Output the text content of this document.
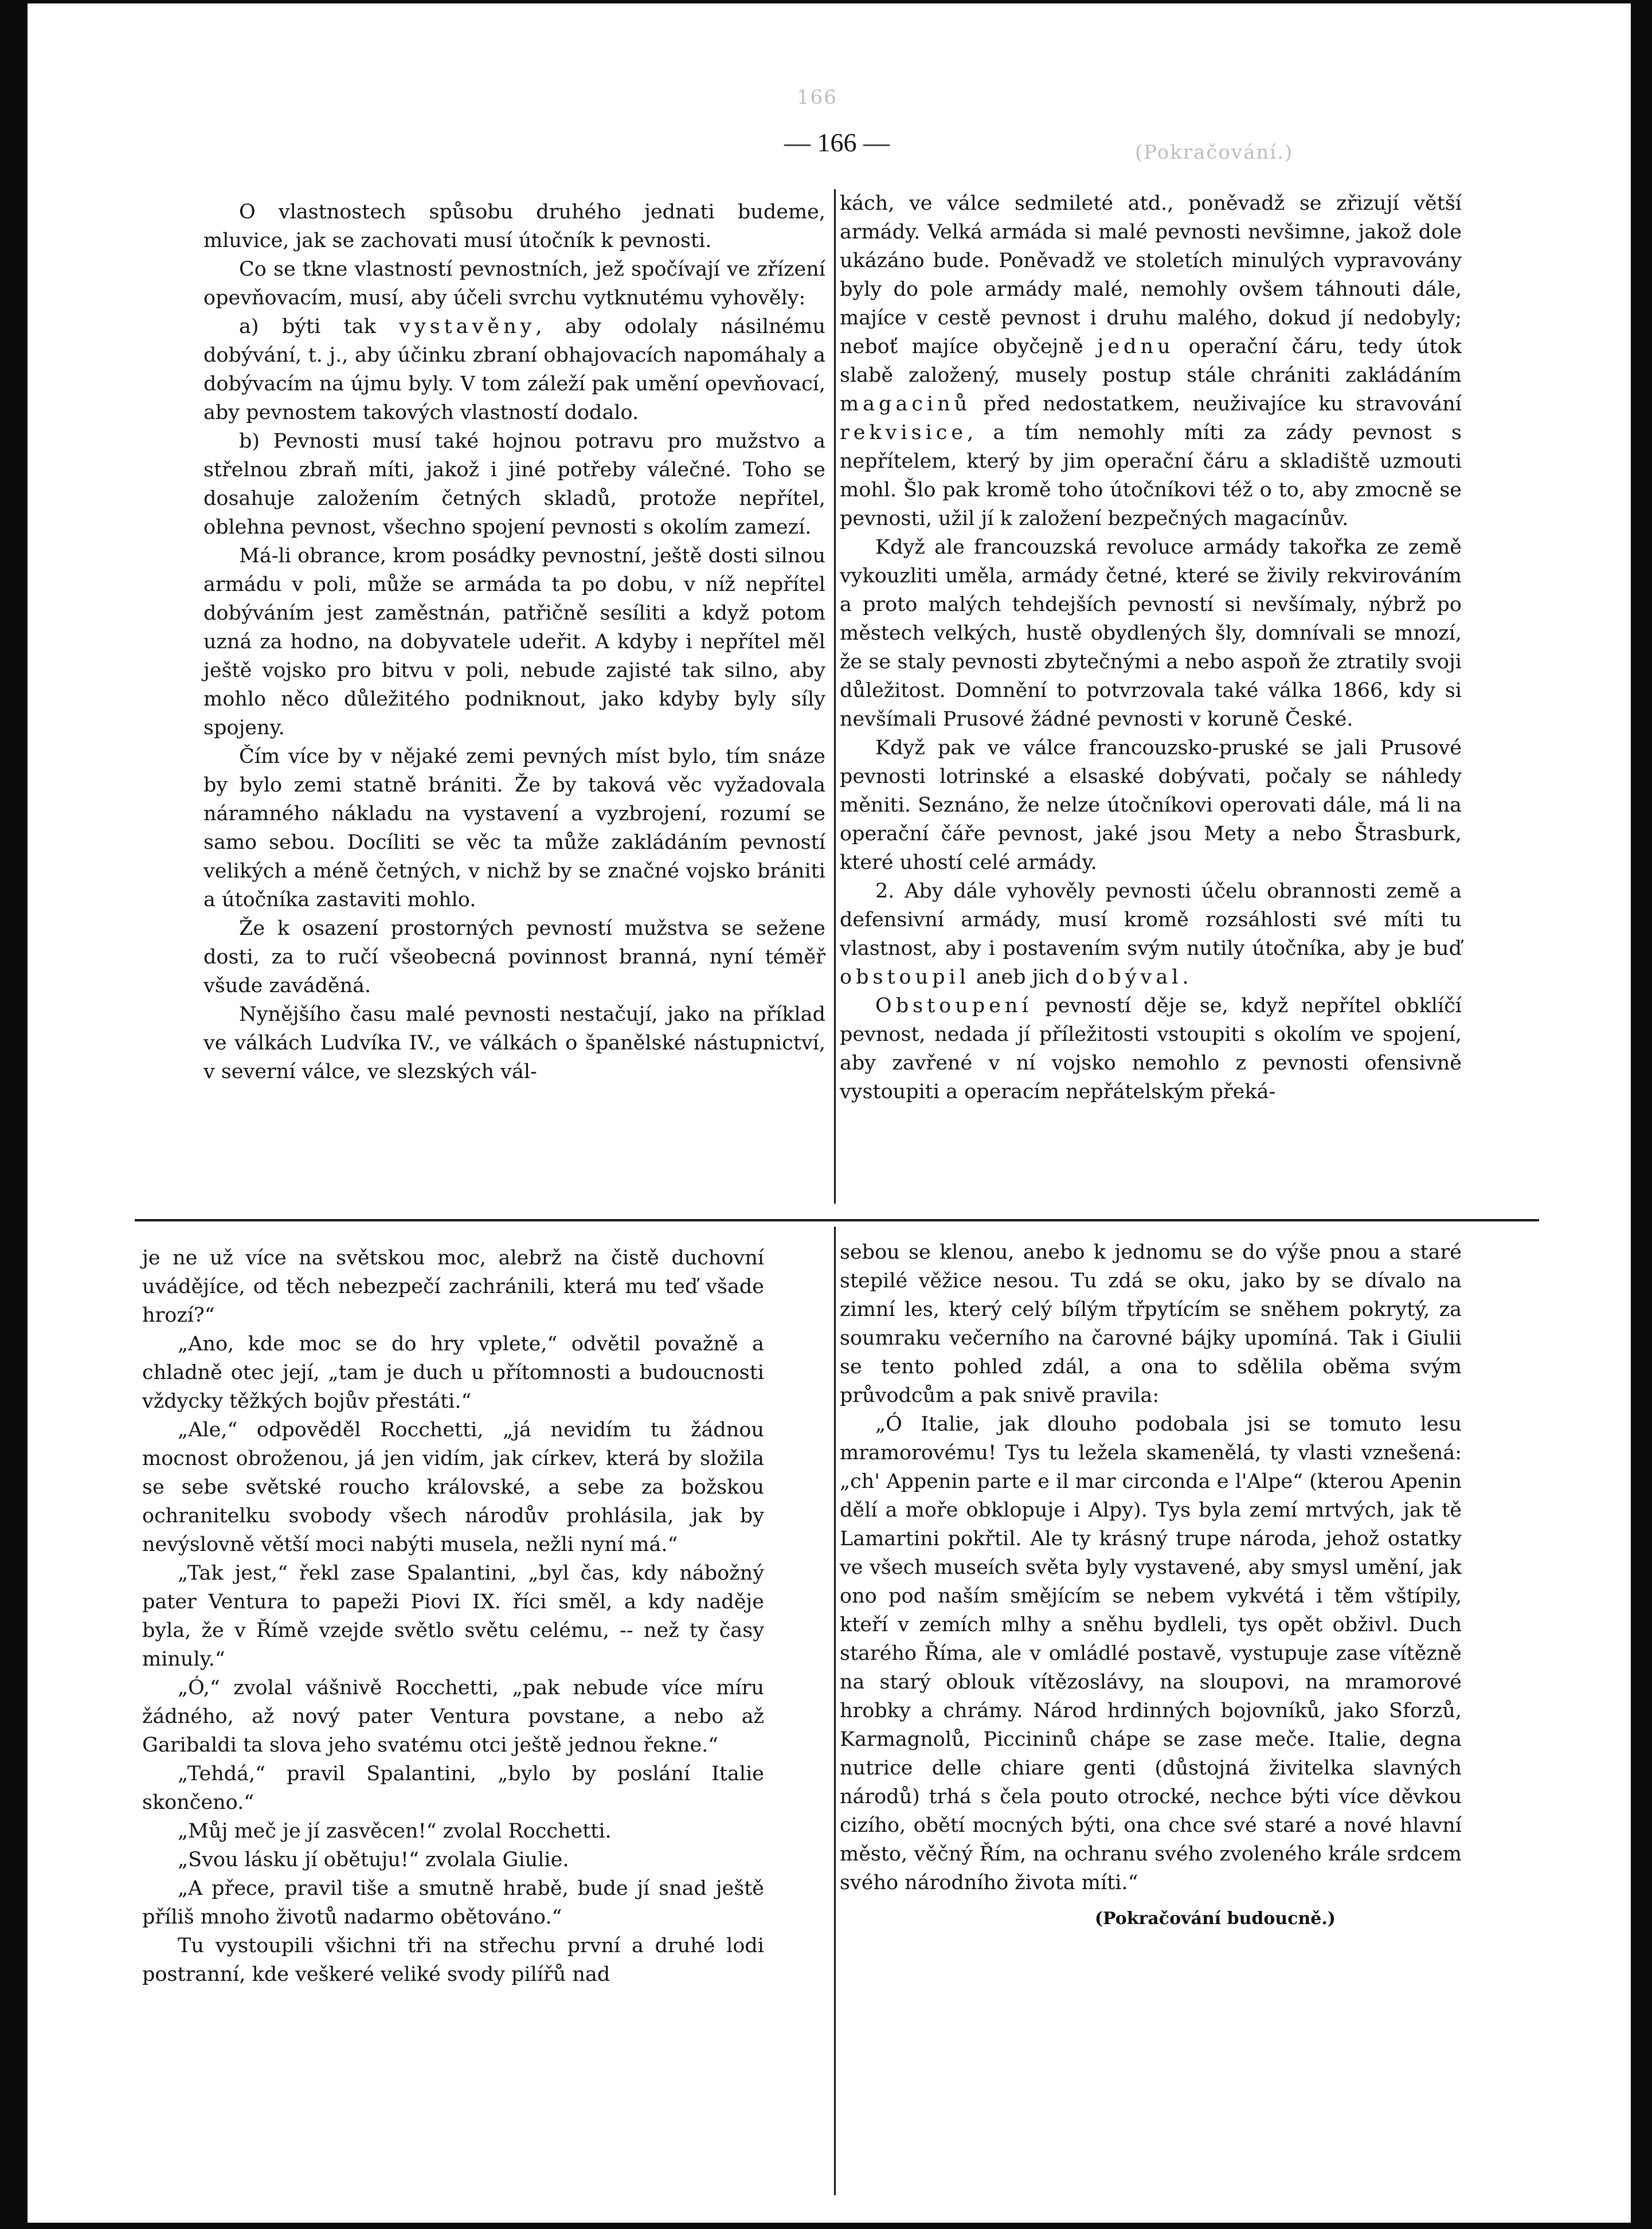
166
(Pokračování.)
— 166 —

O vlastnostech spůsobu druhého jednati budeme, mluvice, jak se zachovati musí útočník k pevnosti.

Co se tkne vlastností pevnostních, jež spočívají ve zřízení opevňovacím, musí, aby účeli svrchu vytknutému vyhověly:

a) býti tak vystavěny, aby odolaly násilnému dobývání, t. j., aby účinku zbraní obhajovacích napomáhaly a dobývacím na újmu byly. V tom záleží pak umění opevňovací, aby pevnostem takových vlastností dodalo.

b) Pevnosti musí také hojnou potravu pro mužstvo a střelnou zbraň míti, jakož i jiné potřeby válečné. Toho se dosahuje založením četných skladů, protože nepřítel, oblehna pevnost, všechno spojení pevnosti s okolím zamezí.

Má-li obrance, krom posádky pevnostní, ještě dosti silnou armádu v poli, může se armáda ta po dobu, v níž nepřítel dobýváním jest zaměstnán, patřičně sesíliti a když potom uzná za hodno, na dobyvatele udeřit. A kdyby i nepřítel měl ještě vojsko pro bitvu v poli, nebude zajisté tak silno, aby mohlo něco důležitého podniknout, jako kdyby byly síly spojeny.

Čím více by v nějaké zemi pevných míst bylo, tím snáze by bylo zemi statně brániti. Že by taková věc vyžadovala náramného nákladu na vystavení a vyzbrojení, rozumí se samo sebou. Docíliti se věc ta může zakládáním pevností velikých a méně četných, v nichž by se značné vojsko brániti a útočníka zastaviti mohlo.

Že k osazení prostorných pevností mužstva se sežene dosti, za to ručí všeobecná povinnost branná, nyní téměř všude zaváděná.

Nynějšího času malé pevnosti nestačují, jako na příklad ve válkách Ludvíka IV., ve válkách o španělské nástupnictví, v severní válce, ve slezských vál-

kách, ve válce sedmileté atd., poněvadž se zřizují větší armády. Velká armáda si malé pevnosti nevšimne, jakož dole ukázáno bude. Poněvadž ve stoletích minulých vypravovány byly do pole armády malé, nemohly ovšem táhnouti dále, majíce v cestě pevnost i druhu malého, dokud jí nedobyly; neboť majíce obyčejně jednu operační čáru, tedy útok slabě založený, musely postup stále chrániti zakládáním magacinů před nedostatkem, neuživajíce ku stravování rekvisice, a tím nemohly míti za zády pevnost s nepřítelem, který by jim operační čáru a skladiště uzmouti mohl. Šlo pak kromě toho útočníkovi též o to, aby zmocně se pevnosti, užil jí k založení bezpečných magacínův.

Když ale francouzská revoluce armády takořka ze země vykouzliti uměla, armády četné, které se živily rekvirováním a proto malých tehdejších pevností si nevšímaly, nýbrž po městech velkých, hustě obydlených šly, domnívali se mnozí, že se staly pevnosti zbytečnými a nebo aspoň že ztratily svoji důležitost. Domnění to potvrzovala také válka 1866, kdy si nevšímali Prusové žádné pevnosti v koruně České.

Když pak ve válce francouzsko-pruské se jali Prusové pevnosti lotrinské a elsaské dobývati, počaly se náhledy měniti. Seznáno, že nelze útočníkovi operovati dále, má li na operační čáře pevnost, jaké jsou Mety a nebo Štrasburk, které uhostí celé armády.

2. Aby dále vyhověly pevnosti účelu obrannosti země a defensivní armády, musí kromě rozsáhlosti své míti tu vlastnost, aby i postavením svým nutily útočníka, aby je buď obstoupil aneb jich dobýval.

Obstoupení pevností děje se, když nepřítel obklíčí pevnost, nedada jí příležitosti vstoupiti s okolím ve spojení, aby zavřené v ní vojsko nemohlo z pevnosti ofensivně vystoupiti a operacím nepřátelským překá-

je ne už více na světskou moc, alebrž na čistě duchovní uvádějíce, od těch nebezpečí zachránili, která mu teď všade hrozí?“

„Ano, kde moc se do hry vplete,“ odvětil považně a chladně otec její, „tam je duch u přítomnosti a budoucnosti vždycky těžkých bojův přestáti.“

„Ale,“ odpověděl Rocchetti, „já nevidím tu žádnou mocnost obroženou, já jen vidím, jak církev, která by složila se sebe světské roucho královské, a sebe za božskou ochranitelku svobody všech národův prohlásila, jak by nevýslovně větší moci nabýti musela, nežli nyní má.“

„Tak jest,“ řekl zase Spalantini, „byl čas, kdy nábožný pater Ventura to papeži Piovi IX. říci směl, a kdy naděje byla, že v Římě vzejde světlo světu celému, -- než ty časy minuly.“

„Ó,“ zvolal vášnivě Rocchetti, „pak nebude více míru žádného, až nový pater Ventura povstane, a nebo až Garibaldi ta slova jeho svatému otci ještě jednou řekne.“

„Tehdá,“ pravil Spalantini, „bylo by poslání Italie skončeno.“

„Můj meč je jí zasvěcen!“ zvolal Rocchetti.

„Svou lásku jí obětuju!“ zvolala Giulie.

„A přece, pravil tiše a smutně hrabě, bude jí snad ještě příliš mnoho životů nadarmo obětováno.“

Tu vystoupili všichni tři na střechu první a druhé lodi postranní, kde veškeré veliké svody pilířů nad

sebou se klenou, anebo k jednomu se do výše pnou a staré stepilé věžice nesou. Tu zdá se oku, jako by se dívalo na zimní les, který celý bílým třpytícím se sněhem pokrytý, za soumraku večerního na čarovné bájky upomíná. Tak i Giulii se tento pohled zdál, a ona to sdělila oběma svým průvodcům a pak snivě pravila:

„Ó Italie, jak dlouho podobala jsi se tomuto lesu mramorovému! Tys tu ležela skamenělá, ty vlasti vznešená: „ch' Appenin parte e il mar circonda e l'Alpe“ (kterou Apenin dělí a moře obklopuje i Alpy). Tys byla zemí mrtvých, jak tě Lamartini pokřtil. Ale ty krásný trupe národa, jehož ostatky ve všech museích světa byly vystavené, aby smysl umění, jak ono pod naším smějícím se nebem vykvétá i těm vštípily, kteří v zemích mlhy a sněhu bydleli, tys opět obživl. Duch starého Říma, ale v omládlé postavě, vystupuje zase vítězně na starý oblouk vítězoslávy, na sloupovi, na mramorové hrobky a chrámy. Národ hrdinných bojovníků, jako Sforzů, Karmagnolů, Piccininů chápe se zase meče. Italie, degna nutrice delle chiare genti (důstojná živitelka slavných národů) trhá s čela pouto otrocké, nechce býti více děvkou cizího, obětí mocných býti, ona chce své staré a nové hlavní město, věčný Řím, na ochranu svého zvoleného krále srdcem svého národního života míti.“

(Pokračování budoucně.)
